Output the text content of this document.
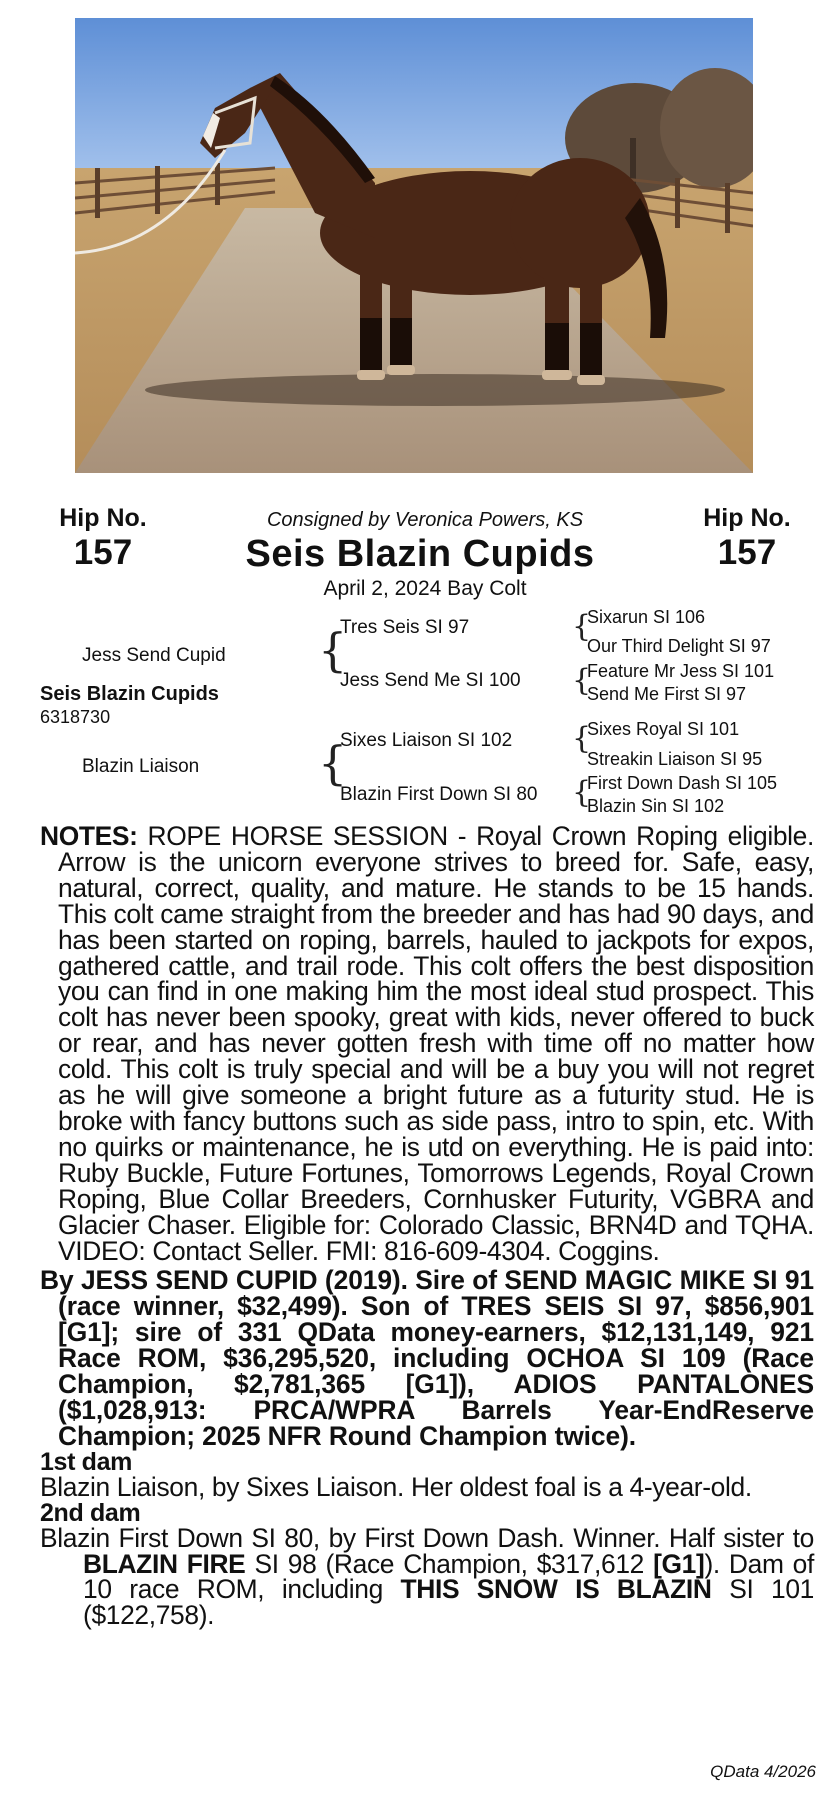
Hip No.
157
Hip No.
157
Consigned by Veronica Powers, KS
Seis Blazin Cupids
April 2, 2024 Bay Colt
Jess Send Cupid
Seis Blazin Cupids
6318730
Blazin Liaison
{
Tres Seis SI 97
Jess Send Me SI 100
{
Sixes Liaison SI 102
Blazin First Down SI 80
{
Sixarun SI 106
Our Third Delight SI 97
{
Feature Mr Jess SI 101
Send Me First SI 97
{
Sixes Royal SI 101
Streakin Liaison SI 95
{
First Down Dash SI 105
Blazin Sin SI 102

NOTES: ROPE HORSE SESSION - Royal Crown Roping eligible. Arrow is the unicorn everyone strives to breed for. Safe, easy, natural, correct, quality, and mature. He stands to be 15 hands. This colt came straight from the breeder and has had 90 days, and has been started on roping, barrels, hauled to jackpots for expos, gathered cattle, and trail rode. This colt offers the best disposition you can find in one making him the most ideal stud prospect. This colt has never been spooky, great with kids, never offered to buck or rear, and has never gotten fresh with time off no matter how cold. This colt is truly special and will be a buy you will not regret as he will give someone a bright future as a futurity stud. He is broke with fancy buttons such as side pass, intro to spin, etc. With no quirks or maintenance, he is utd on everything. He is paid into: Ruby Buckle, Future Fortunes, Tomorrows Legends, Royal Crown Roping, Blue Collar Breeders, Cornhusker Futurity, VGBRA and Glacier Chaser. Eligible for: Colorado Classic, BRN4D and TQHA. VIDEO: Contact Seller. FMI: 816-609-4304. Coggins.

By JESS SEND CUPID (2019). Sire of SEND MAGIC MIKE SI 91 (race winner, $32,499). Son of TRES SEIS SI 97, $856,901 [G1]; sire of 331 QData money-earners, $12,131,149, 921 Race ROM, $36,295,520, including OCHOA SI 109 (Race Champion, $2,781,365 [G1]), ADIOS PANTALONES ($1,028,913: PRCA/WPRA Barrels Year-EndReserve Champion; 2025 NFR Round Champion twice).

1st dam

Blazin Liaison, by Sixes Liaison. Her oldest foal is a 4-year-old.

2nd dam

Blazin First Down SI 80, by First Down Dash. Winner. Half sister to BLAZIN FIRE SI 98 (Race Champion, $317,612 [G1]). Dam of 10 race ROM, including THIS SNOW IS BLAZIN SI 101 ($122,758).

QData 4/2026
